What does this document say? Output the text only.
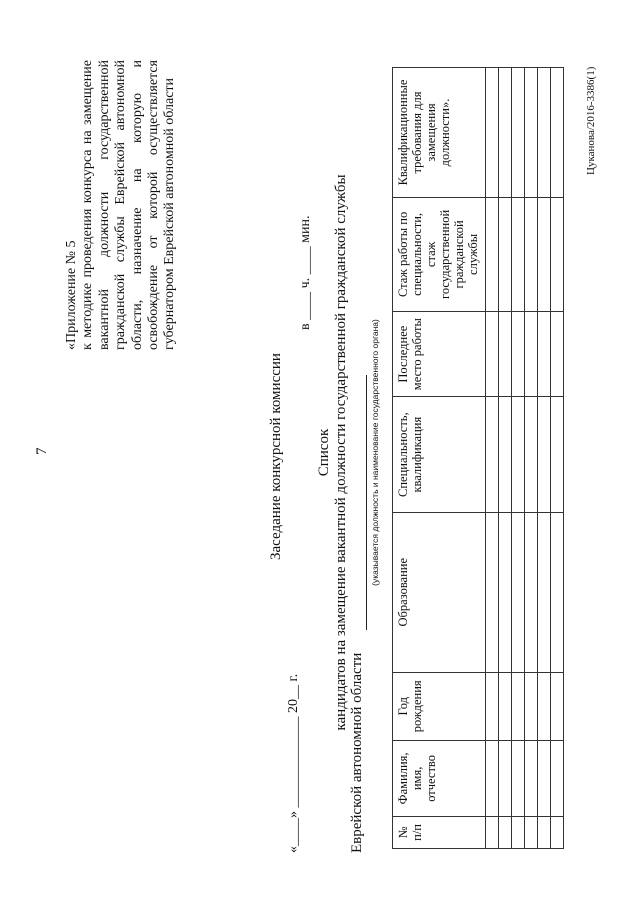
7
«Приложение № 5 к методике проведения конкурса на замещение вакантной должности государственной гражданской службы Еврейской автономной области, назначение на которую и освобождение от которой осуществляется губернатором Еврейской автономной области
Заседание конкурсной комиссии
«____» _____________ 20__ г.
в ____ ч. ____ мин.
Список кандидатов на замещение вакантной должности государственной гражданской службы
Еврейской автономной области
(указывается должность и наименование государственного органа)
№ п/п	Фамилия, имя, отчество	Год рождения	Образование	Специальность, квалификация	Последнее место работы	Стаж работы по специальности, стаж государственной гражданской службы	Квалификационные требования для замещения должности».

								Цуканова/2016-3386(1)
